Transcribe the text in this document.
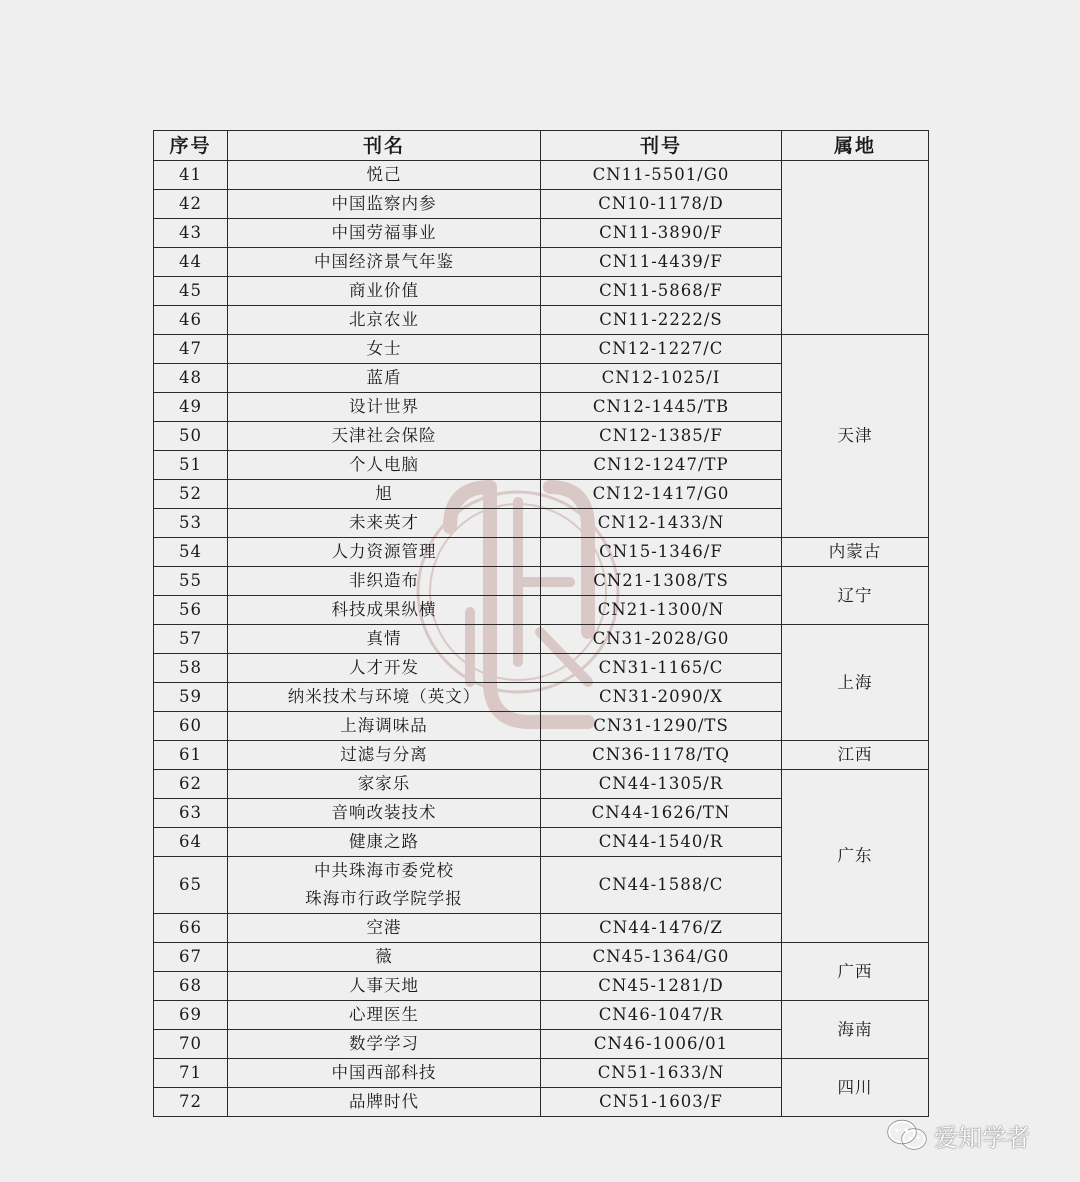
序号	刊名	刊号	属地
41	悦己	CN11-5501/G0	
42	中国监察内参	CN10-1178/D	
43	中国劳福事业	CN11-3890/F	
44	中国经济景气年鉴	CN11-4439/F	
45	商业价值	CN11-5868/F	
46	北京农业	CN11-2222/S	
47	女士	CN12-1227/C	天津
48	蓝盾	CN12-1025/I	
49	设计世界	CN12-1445/TB	
50	天津社会保险	CN12-1385/F	
51	个人电脑	CN12-1247/TP	
52	旭	CN12-1417/G0	
53	未来英才	CN12-1433/N	
54	人力资源管理	CN15-1346/F	内蒙古
55	非织造布	CN21-1308/TS	辽宁
56	科技成果纵横	CN21-1300/N	
57	真情	CN31-2028/G0	上海
58	人才开发	CN31-1165/C	
59	纳米技术与环境（英文）	CN31-2090/X	
60	上海调味品	CN31-1290/TS	
61	过滤与分离	CN36-1178/TQ	江西
62	家家乐	CN44-1305/R	广东
63	音响改装技术	CN44-1626/TN	
64	健康之路	CN44-1540/R	
65	中共珠海市委党校
珠海市行政学院学报	CN44-1588/C	
66	空港	CN44-1476/Z	
67	薇	CN45-1364/G0	广西
68	人事天地	CN45-1281/D	
69	心理医生	CN46-1047/R	海南
70	数学学习	CN46-1006/01	
71	中国西部科技	CN51-1633/N	四川
72	品牌时代	CN51-1603/F	
爱知学者
